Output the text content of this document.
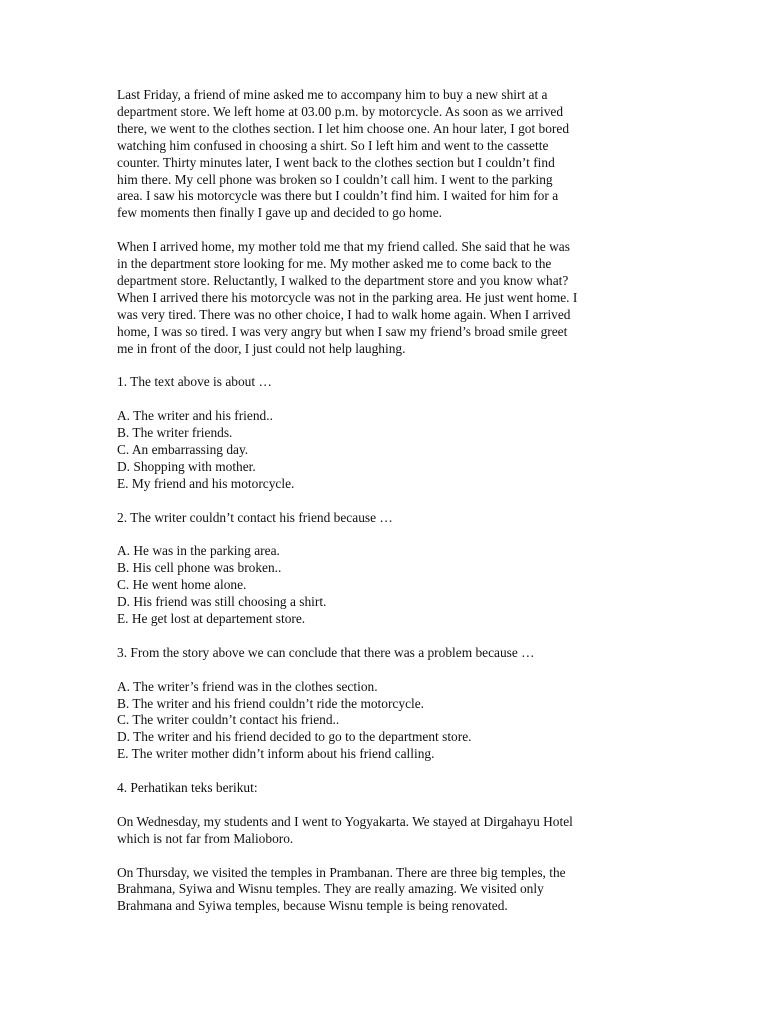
Last Friday, a friend of mine asked me to accompany him to buy a new shirt at a
department store. We left home at 03.00 p.m. by motorcycle. As soon as we arrived
there, we went to the clothes section. I let him choose one. An hour later, I got bored
watching him confused in choosing a shirt. So I left him and went to the cassette
counter. Thirty minutes later, I went back to the clothes section but I couldn’t find
him there. My cell phone was broken so I couldn’t call him. I went to the parking
area. I saw his motorcycle was there but I couldn’t find him. I waited for him for a
few moments then finally I gave up and decided to go home.

When I arrived home, my mother told me that my friend called. She said that he was
in the department store looking for me. My mother asked me to come back to the
department store. Reluctantly, I walked to the department store and you know what?
When I arrived there his motorcycle was not in the parking area. He just went home. I
was very tired. There was no other choice, I had to walk home again. When I arrived
home, I was so tired. I was very angry but when I saw my friend’s broad smile greet
me in front of the door, I just could not help laughing.

1. The text above is about …

A. The writer and his friend..
B. The writer friends.
C. An embarrassing day.
D. Shopping with mother.
E. My friend and his motorcycle.

2. The writer couldn’t contact his friend because …

A. He was in the parking area.
B. His cell phone was broken..
C. He went home alone.
D. His friend was still choosing a shirt.
E. He get lost at departement store.

3. From the story above we can conclude that there was a problem because …

A. The writer’s friend was in the clothes section.
B. The writer and his friend couldn’t ride the motorcycle.
C. The writer couldn’t contact his friend..
D. The writer and his friend decided to go to the department store.
E. The writer mother didn’t inform about his friend calling.

4. Perhatikan teks berikut:

On Wednesday, my students and I went to Yogyakarta. We stayed at Dirgahayu Hotel
which is not far from Malioboro.

On Thursday, we visited the temples in Prambanan. There are three big temples, the
Brahmana, Syiwa and Wisnu temples. They are really amazing. We visited only
Brahmana and Syiwa temples, because Wisnu temple is being renovated.
